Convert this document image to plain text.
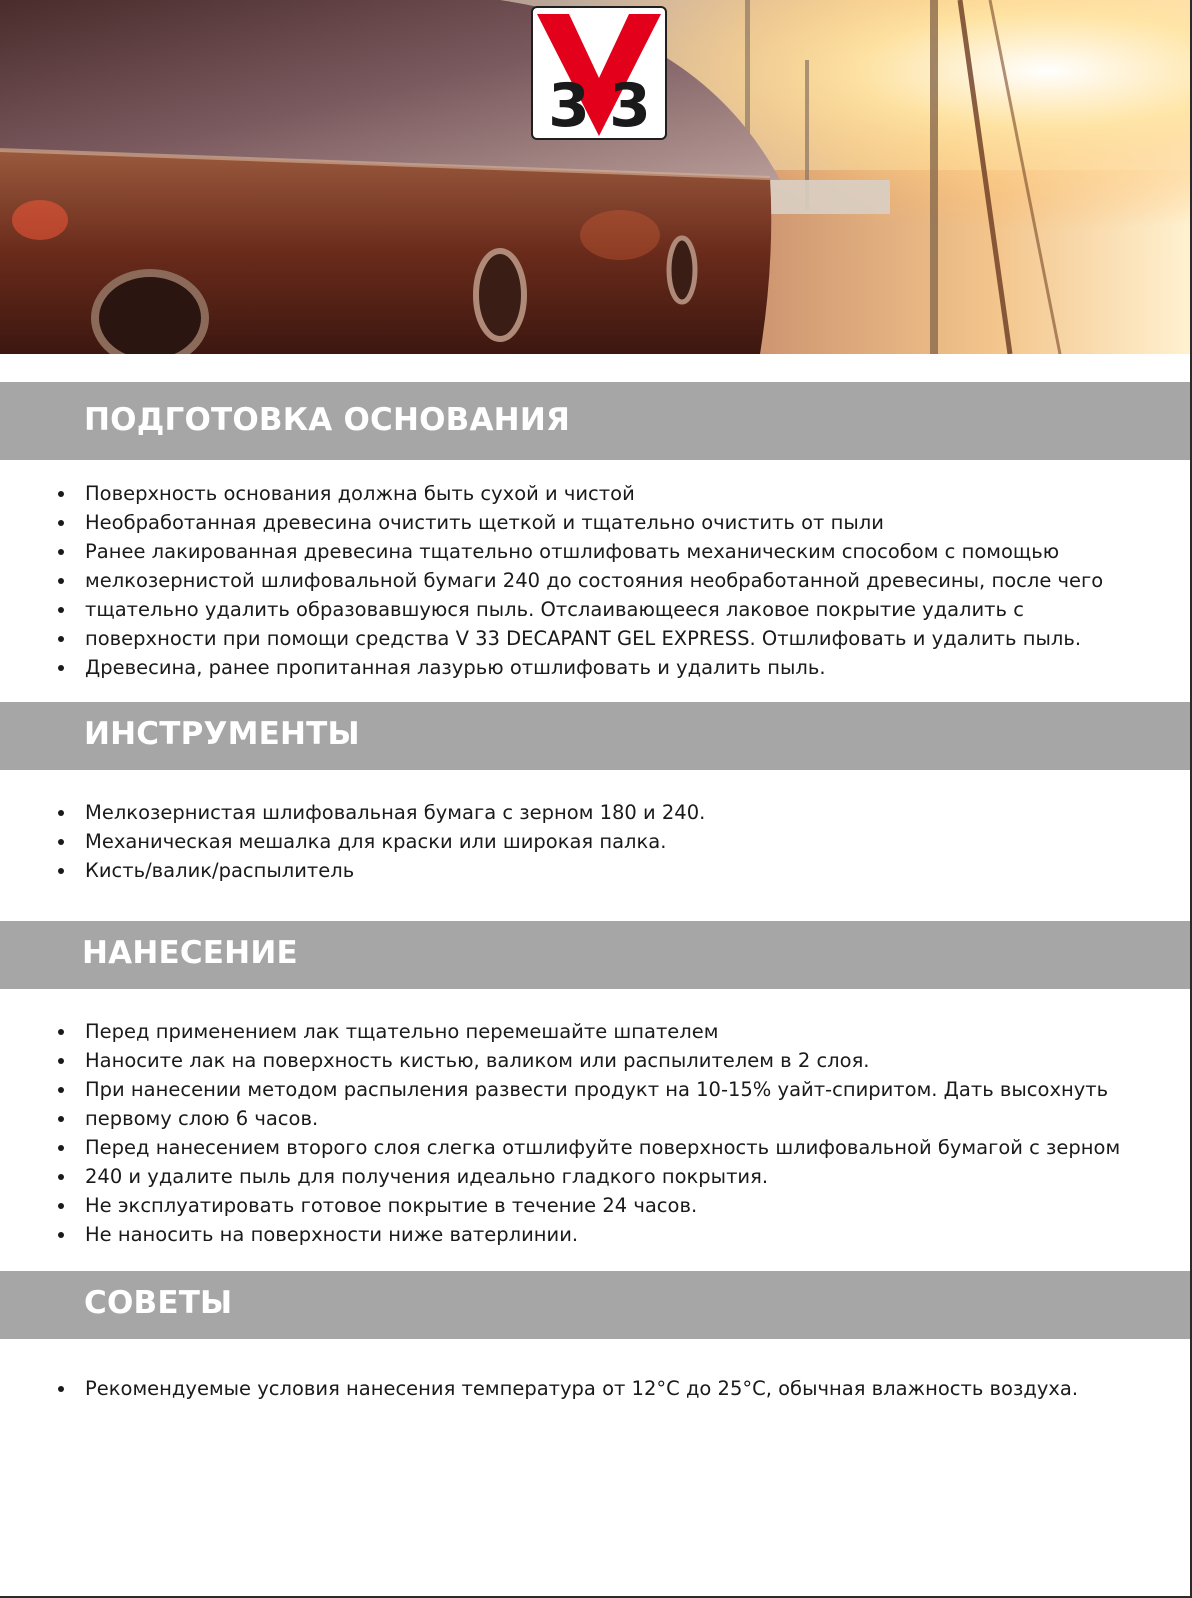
3 3
ПОДГОТОВКА ОСНОВАНИЯ
Поверхность основания должна быть сухой и чистой
Необработанная древесина очистить щеткой и тщательно очистить от пыли
Ранее лакированная древесина тщательно отшлифовать механическим способом с помощью
мелкозернистой шлифовальной бумаги 240 до состояния необработанной древесины, после чего
тщательно удалить образовавшуюся пыль. Отслаивающееся лаковое покрытие удалить с
поверхности при помощи средства V 33 DECAPANT GEL EXPRESS. Отшлифовать и удалить пыль.
Древесина, ранее пропитанная лазурью отшлифовать и удалить пыль.
ИНСТРУМЕНТЫ
Мелкозернистая шлифовальная бумага с зерном 180 и 240.
Механическая мешалка для краски или широкая палка.
Кисть/валик/распылитель
НАНЕСЕНИЕ
Перед применением лак тщательно перемешайте шпателем
Наносите лак на поверхность кистью, валиком или распылителем в 2 слоя.
При нанесении методом распыления развести продукт на 10-15% уайт-спиритом. Дать высохнуть
первому слою 6 часов.
Перед нанесением второго слоя слегка отшлифуйте поверхность шлифовальной бумагой с зерном
240 и удалите пыль для получения идеально гладкого покрытия.
Не эксплуатировать готовое покрытие в течение 24 часов.
Не наносить на поверхности ниже ватерлинии.
СОВЕТЫ
Рекомендуемые условия нанесения температура от 12°C до 25°C, обычная влажность воздуха.
